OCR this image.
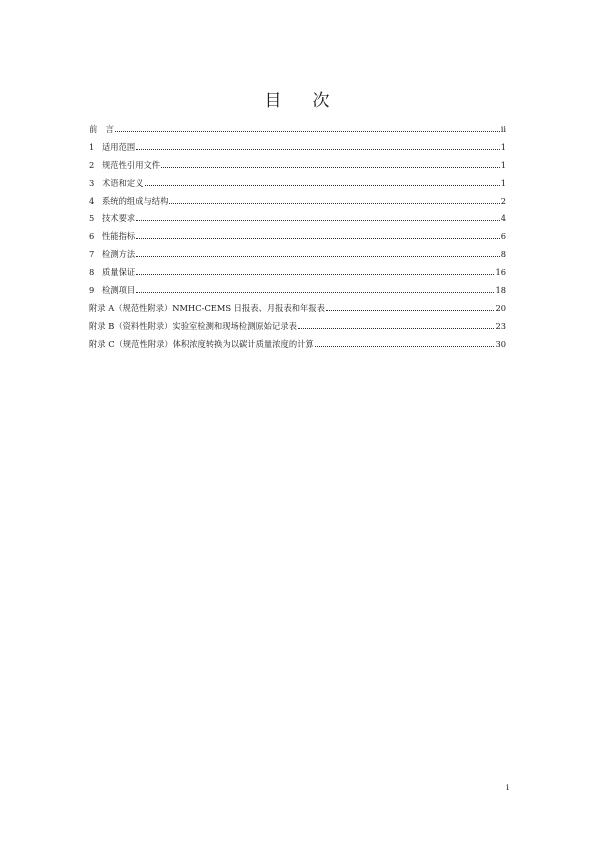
目 次
前　言	ii
1 适用范围	1
2 规范性引用文件	1
3 术语和定义	1
4 系统的组成与结构	2
5 技术要求	4
6 性能指标	6
7 检测方法	8
8 质量保证	16
9 检测项目	18
附录 A（规范性附录）NMHC-CEMS 日报表、月报表和年报表	20
附录 B（资料性附录）实验室检测和现场检测原始记录表	23
附录 C（规范性附录）体积浓度转换为以碳计质量浓度的计算	30
i
